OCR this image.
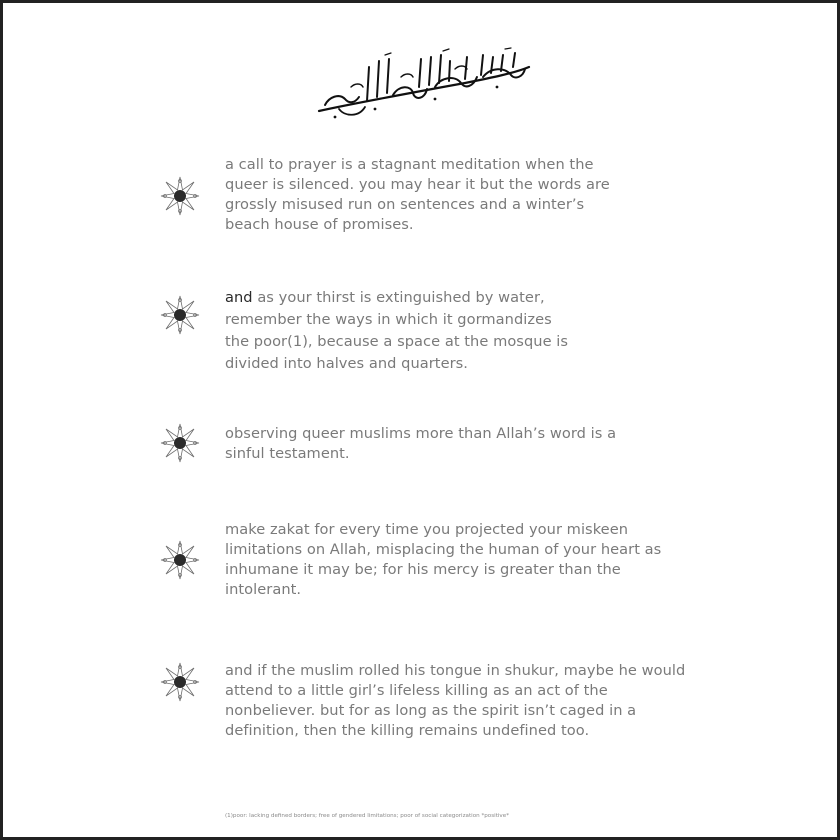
a call to prayer is a stagnant meditation when the
queer is silenced. you may hear it but the words are
grossly misused run on sentences and a winter’s
beach house of promises.

and as your thirst is extinguished by water,
remember the ways in which it gormandizes
the poor(1), because a space at the mosque is
divided into halves and quarters.

observing queer muslims more than Allah’s word is a
sinful testament.

make zakat for every time you projected your miskeen
limitations on Allah, misplacing the human of your heart as
inhumane it may be; for his mercy is greater than the
intolerant.

and if the muslim rolled his tongue in shukur, maybe he would
attend to a little girl’s lifeless killing as an act of the
nonbeliever. but for as long as the spirit isn’t caged in a
definition, then the killing remains undefined too.

(1)poor: lacking defined borders; free of gendered limitations; poor of social categorization *positive*
